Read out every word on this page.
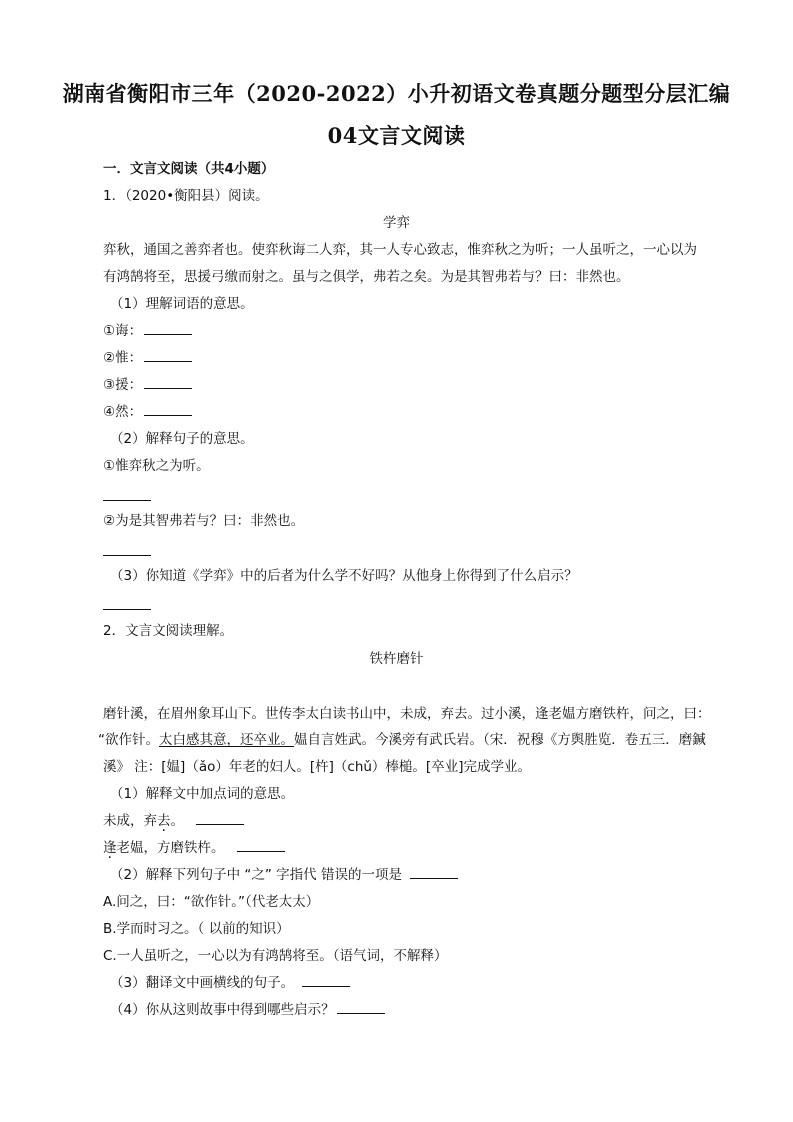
湖南省衡阳市三年（2020-2022）小升初语文卷真题分题型分层汇编
04文言文阅读
一．文言文阅读（共4小题）
1．（2020•衡阳县）阅读。
学弈
弈秋，通国之善弈者也。使弈秋诲二人弈，其一人专心致志，惟弈秋之为听；一人虽听之，一心以为
有鸿鹄将至，思援弓缴而射之。虽与之俱学，弗若之矣。为是其智弗若与？曰：非然也。
（1）理解词语的意思。
①诲：
②惟：
③援：
④然：
（2）解释句子的意思。
①惟弈秋之为听。
②为是其智弗若与？曰：非然也。
（3）你知道《学弈》中的后者为什么学不好吗？从他身上你得到了什么启示？
2．文言文阅读理解。
铁杵磨针
磨针溪，在眉州象耳山下。世传李太白读书山中，未成，弃去。过小溪，逢老媪方磨铁杵，问之，曰：
“欲作针。太白感其意，还卒业。媪自言姓武。今溪旁有武氏岩。（宋．祝穆《方舆胜览．卷五三．磨鍼
溪》 注：[媪]（ǎo）年老的妇人。[杵]（chǔ）棒槌。[卒业]完成学业。
（1）解释文中加点词的意思。
未成，弃去。
逢老媪，方磨铁杵。
（2）解释下列句子中 “之” 字指代 错误的一项是
A.问之，曰：“欲作针。”（代老太太）
B.学而时习之。（ 以前的知识）
C.一人虽听之，一心以为有鸿鹄将至。（语气词，不解释）
（3）翻译文中画横线的句子。
（4）你从这则故事中得到哪些启示？
